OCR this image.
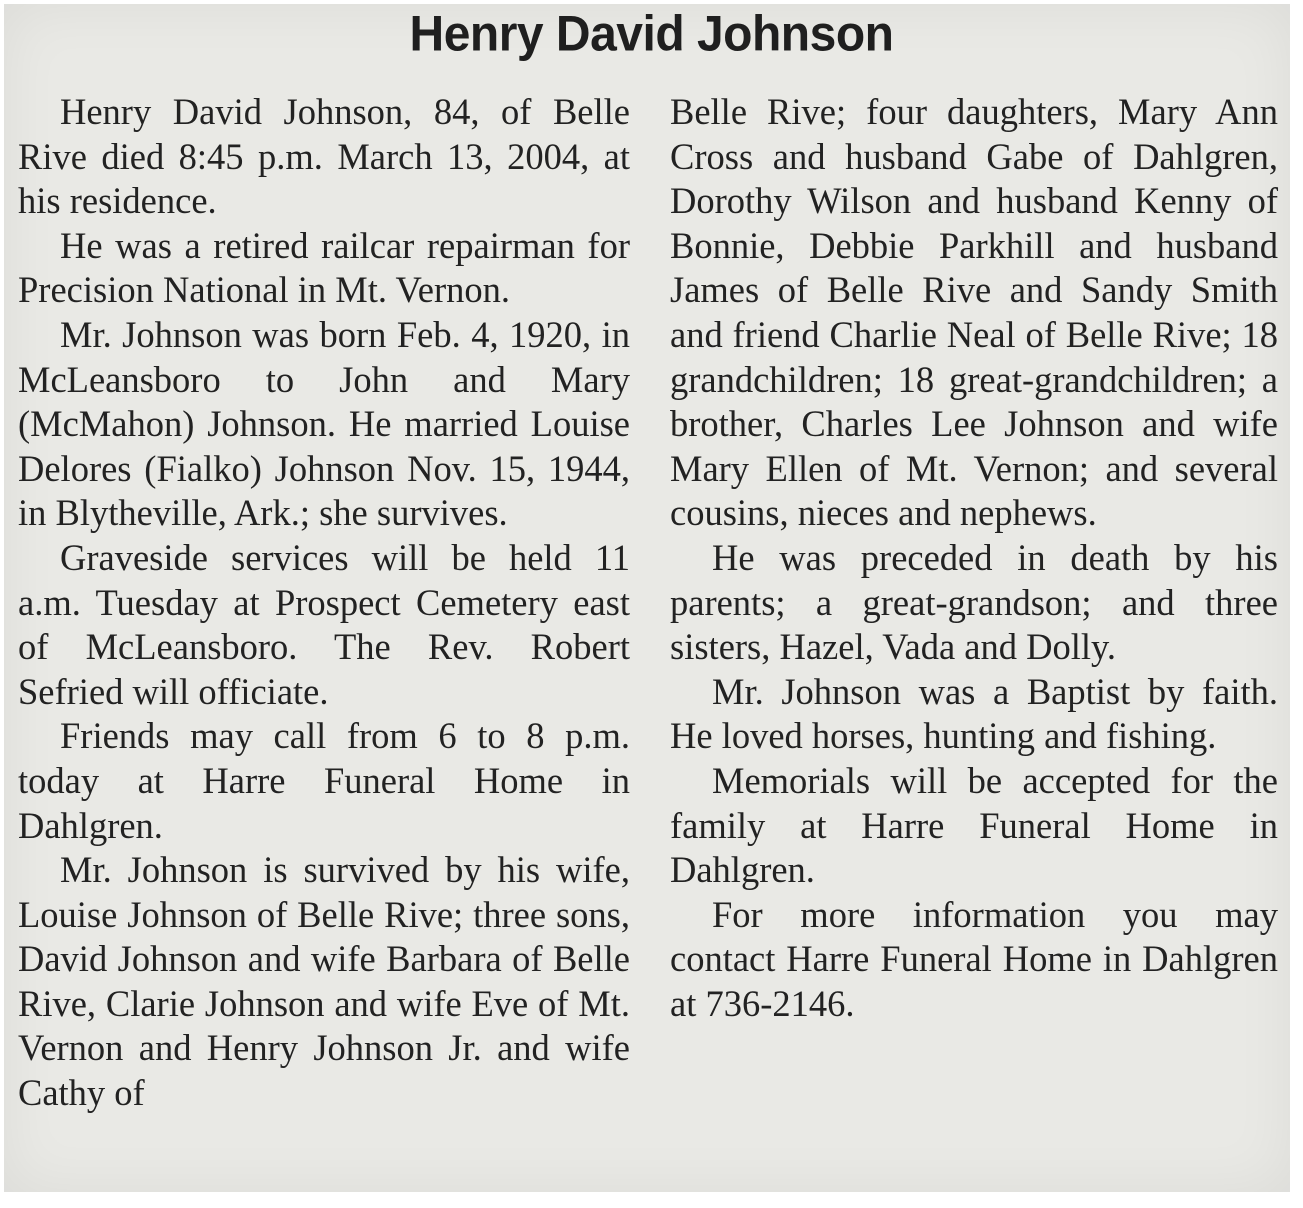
Henry David Johnson

Henry David Johnson, 84, of Belle Rive died 8:45 p.m. March 13, 2004, at his residence.

He was a retired railcar repairman for Precision National in Mt. Vernon.

Mr. Johnson was born Feb. 4, 1920, in McLeansboro to John and Mary (McMahon) Johnson. He married Louise Delores (Fialko) Johnson Nov. 15, 1944, in Blytheville, Ark.; she survives.

Graveside services will be held 11 a.m. Tuesday at Prospect Cemetery east of McLeansboro. The Rev. Robert Sefried will officiate.

Friends may call from 6 to 8 p.m. today at Harre Funeral Home in Dahlgren.

Mr. Johnson is survived by his wife, Louise Johnson of Belle Rive; three sons, David Johnson and wife Barbara of Belle Rive, Clarie Johnson and wife Eve of Mt. Vernon and Henry Johnson Jr. and wife Cathy of

Belle Rive; four daughters, Mary Ann Cross and husband Gabe of Dahlgren, Dorothy Wilson and husband Kenny of Bonnie, Debbie Parkhill and husband James of Belle Rive and Sandy Smith and friend Charlie Neal of Belle Rive; 18 grandchildren; 18 great-grandchildren; a brother, Charles Lee Johnson and wife Mary Ellen of Mt. Vernon; and several cousins, nieces and nephews.

He was preceded in death by his parents; a great-grandson; and three sisters, Hazel, Vada and Dolly.

Mr. Johnson was a Baptist by faith. He loved horses, hunting and fishing.

Memorials will be accepted for the family at Harre Funeral Home in Dahlgren.

For more information you may contact Harre Funeral Home in Dahlgren at 736-2146.
